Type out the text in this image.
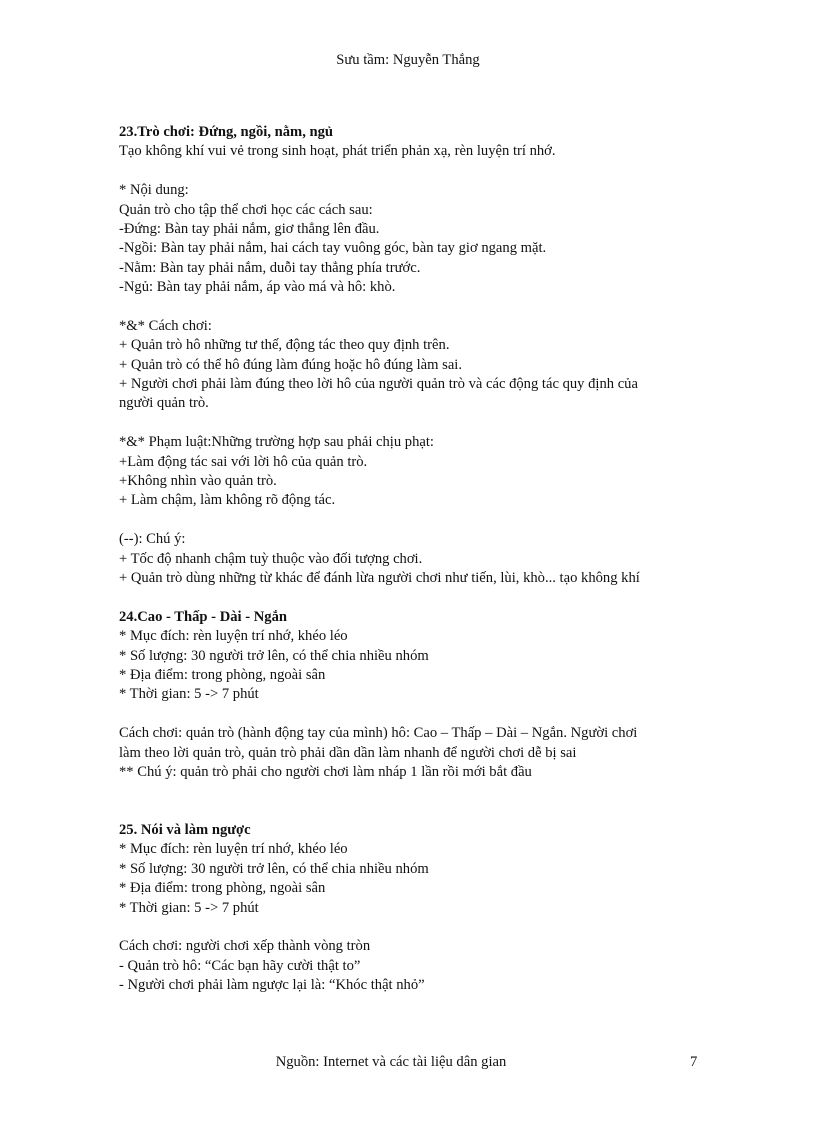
Sưu tầm: Nguyễn Thắng
23.Trò chơi: Đứng, ngồi, nằm, ngủ
Tạo không khí vui vẻ trong sinh hoạt, phát triển phản xạ, rèn luyện trí nhớ.
* Nội dung:
Quản trò cho tập thể chơi học các cách sau:
-Đứng: Bàn tay phải nắm, giơ thẳng lên đầu.
-Ngồi: Bàn tay phải nắm, hai cách tay vuông góc, bàn tay giơ ngang mặt.
-Nằm: Bàn tay phải nắm, duỗi tay thẳng phía trước.
-Ngủ: Bàn tay phải nắm, áp vào má và hô: khò.
*&* Cách chơi:
+ Quản trò hô những tư thế, động tác theo quy định trên.
+ Quản trò có thể hô đúng làm đúng hoặc hô đúng làm sai.
+ Người chơi phải làm đúng theo lời hô của người quản trò và các động tác quy định của
người quản trò.
*&* Phạm luật:Những trường hợp sau phải chịu phạt:
+Làm động tác sai với lời hô của quản trò.
+Không nhìn vào quản trò.
+ Làm chậm, làm không rõ động tác.
(--): Chú ý:
+ Tốc độ nhanh chậm tuỳ thuộc vào đối tượng chơi.
+ Quản trò dùng những từ khác để đánh lừa người chơi như tiến, lùi, khò... tạo không khí
24.Cao - Thấp - Dài - Ngắn
* Mục đích: rèn luyện trí nhớ, khéo léo
* Số lượng: 30 người trở lên, có thể chia nhiều nhóm
* Địa điểm: trong phòng, ngoài sân
* Thời gian: 5 -> 7 phút
Cách chơi: quản trò (hành động tay của mình) hô: Cao – Thấp – Dài – Ngắn. Người chơi
làm theo lời quản trò, quản trò phải dần dần làm nhanh để người chơi dễ bị sai
** Chú ý: quản trò phải cho người chơi làm nháp 1 lần rồi mới bắt đầu
25. Nói và làm ngược
* Mục đích: rèn luyện trí nhớ, khéo léo
* Số lượng: 30 người trở lên, có thể chia nhiều nhóm
* Địa điểm: trong phòng, ngoài sân
* Thời gian: 5 -> 7 phút
Cách chơi: người chơi xếp thành vòng tròn
- Quản trò hô: “Các bạn hãy cười thật to”
- Người chơi phải làm ngược lại là: “Khóc thật nhỏ”
Nguồn: Internet và các tài liệu dân gian	7
